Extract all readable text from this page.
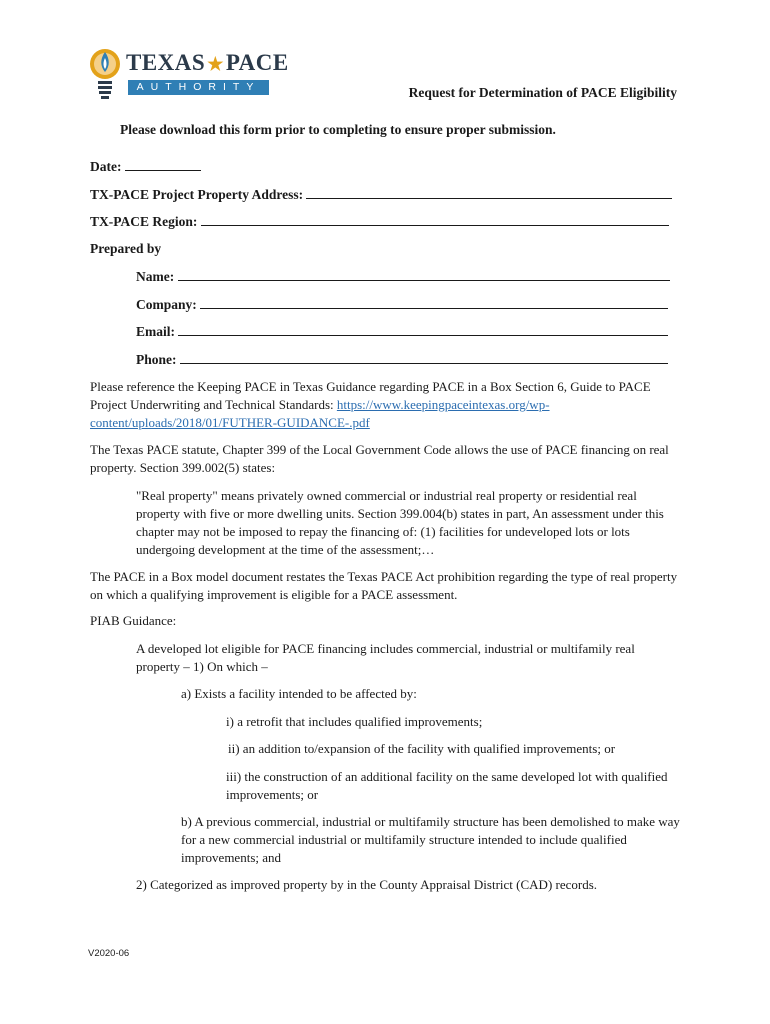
TEXAS ★PACE
AUTHORITY	Request for Determination of PACE Eligibility
Please download this form prior to completing to ensure proper submission.
Date:
TX-PACE Project Property Address:
TX-PACE Region:
Prepared by
Name:
Company:
Email:
Phone:
Please reference the Keeping PACE in Texas Guidance regarding PACE in a Box Section 6, Guide to PACE Project Underwriting and Technical Standards: https://www.keepingpaceintexas.org/wp-content/uploads/2018/01/FUTHER-GUIDANCE-.pdf
The Texas PACE statute, Chapter 399 of the Local Government Code allows the use of PACE financing on real property. Section 399.002(5) states:
"Real property" means privately owned commercial or industrial real property or residential real property with five or more dwelling units. Section 399.004(b) states in part, An assessment under this chapter may not be imposed to repay the financing of: (1) facilities for undeveloped lots or lots undergoing development at the time of the assessment;…
The PACE in a Box model document restates the Texas PACE Act prohibition regarding the type of real property on which a qualifying improvement is eligible for a PACE assessment.
PIAB Guidance:
A developed lot eligible for PACE financing includes commercial, industrial or multifamily real property – 1) On which –
a) Exists a facility intended to be affected by:
i) a retrofit that includes qualified improvements;
ii) an addition to/expansion of the facility with qualified improvements; or
iii) the construction of an additional facility on the same developed lot with qualified improvements; or
b) A previous commercial, industrial or multifamily structure has been demolished to make way for a new commercial industrial or multifamily structure intended to include qualified improvements; and
2) Categorized as improved property by in the County Appraisal District (CAD) records.
V2020-06
